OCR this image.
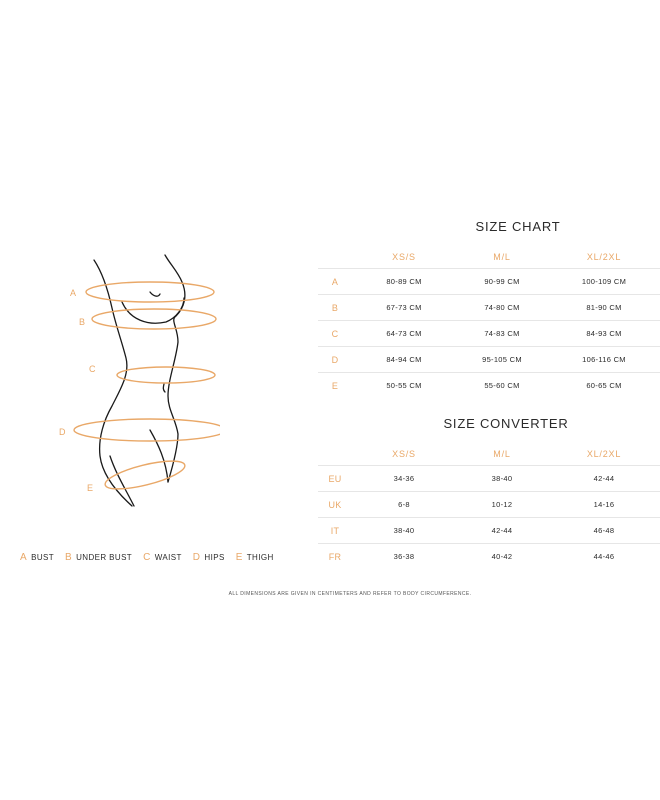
A
B
C
D
E
A BUST B UNDER BUST C WAIST D HIPS E THIGH
SIZE CHART
XS/S	M/L	XL/2XL
A	80-89 CM	90-99 CM	100-109 CM
B	67-73 CM	74-80 CM	81-90 CM
C	64-73 CM	74-83 CM	84-93 CM
D	84-94 CM	95-105 CM	106-116 CM
E	50-55 CM	55-60 CM	60-65 CM
SIZE CONVERTER
XS/S	M/L	XL/2XL
EU	34-36	38-40	42-44
UK	6-8	10-12	14-16
IT	38-40	42-44	46-48
FR	36-38	40-42	44-46
ALL DIMENSIONS ARE GIVEN IN CENTIMETERS AND REFER TO BODY CIRCUMFERENCE.
